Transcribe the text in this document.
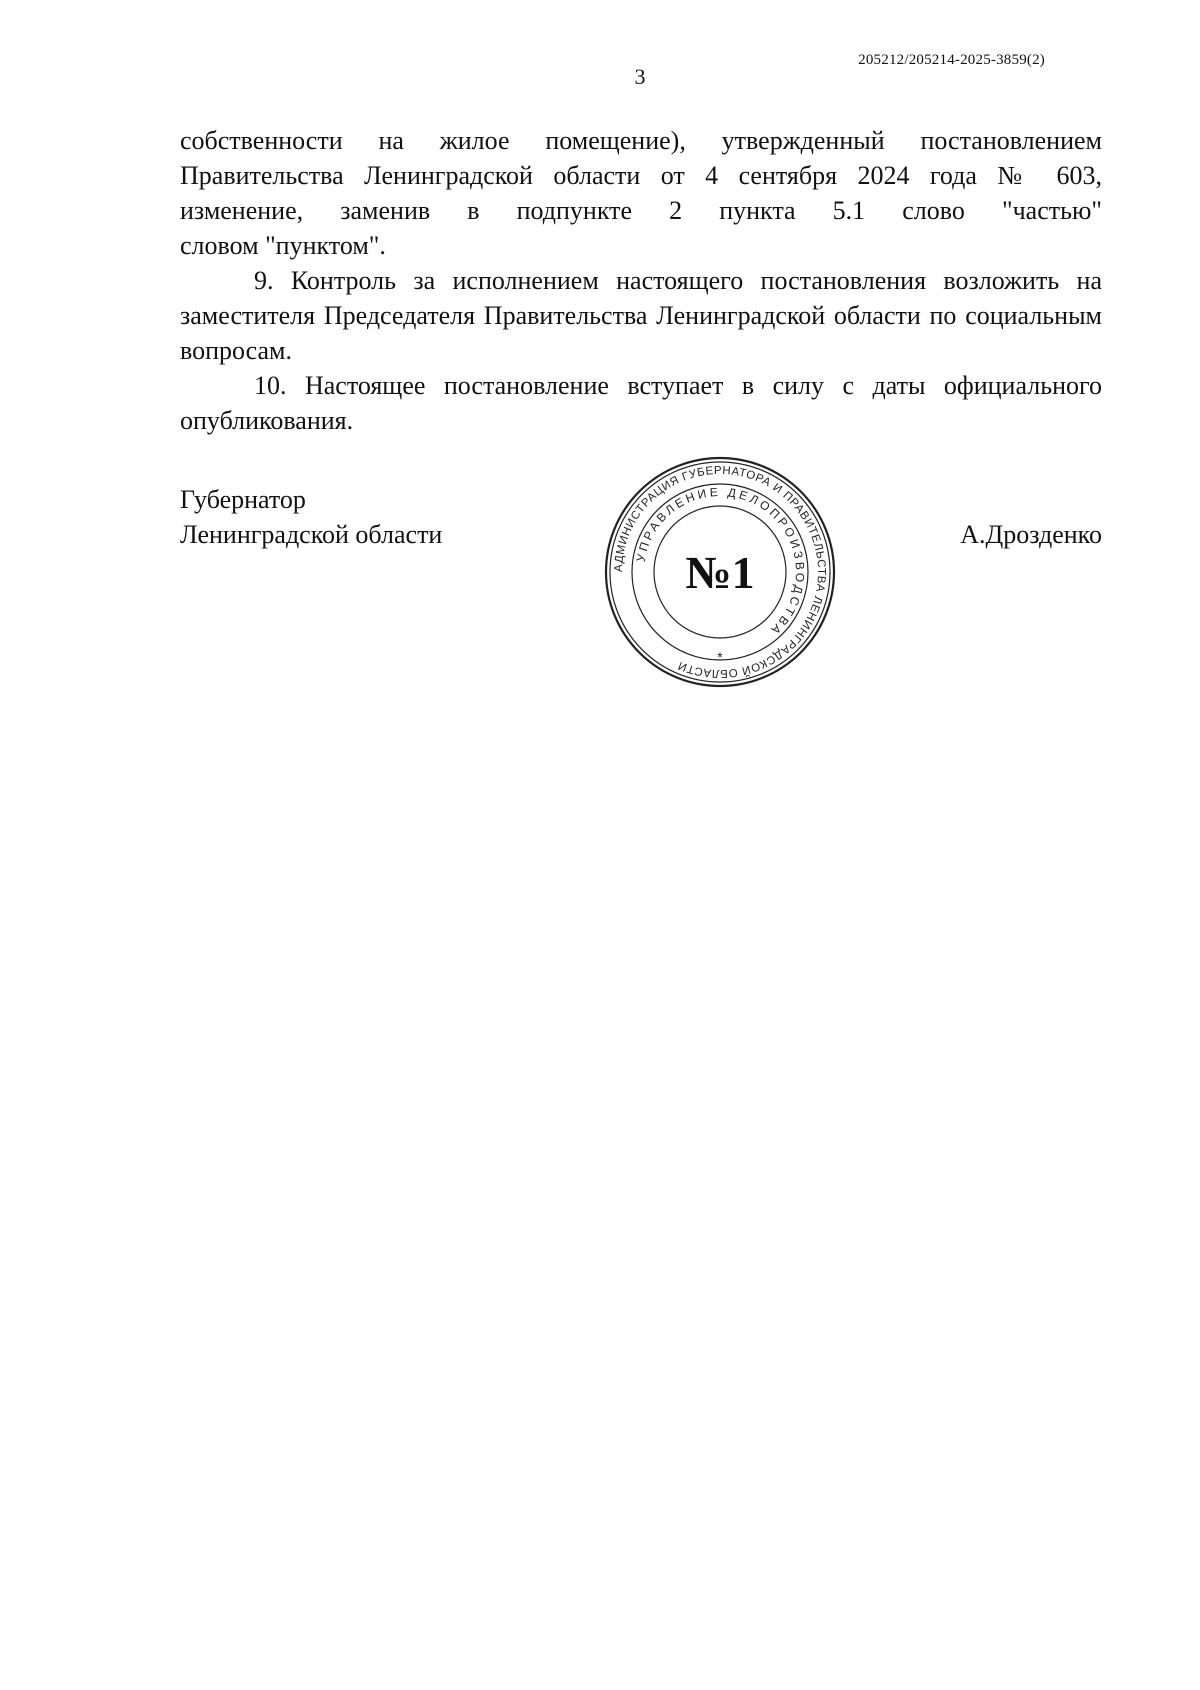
205212/205214-2025-3859(2)
3

собственности на жилое помещение), утвержденный постановлением

Правительства Ленинградской области от 4 сентября 2024 года № 603,

изменение, заменив в подпункте 2 пункта 5.1 слово "частью"

словом "пунктом".

9. Контроль за исполнением настоящего постановления возложить на заместителя Председателя Правительства Ленинградской области по социальным вопросам.

10. Настоящее постановление вступает в силу с даты официального опубликования.

Губернатор
Ленинградской области	А.Дрозденко
АДМИНИСТРАЦИЯ ГУБЕРНАТОРА И ПРАВИТЕЛЬСТВА ЛЕНИНГРАДСКОЙ ОБЛАСТИ
УПРАВЛЕНИЕ ДЕЛОПРОИЗВОДСТВА
№1
*
